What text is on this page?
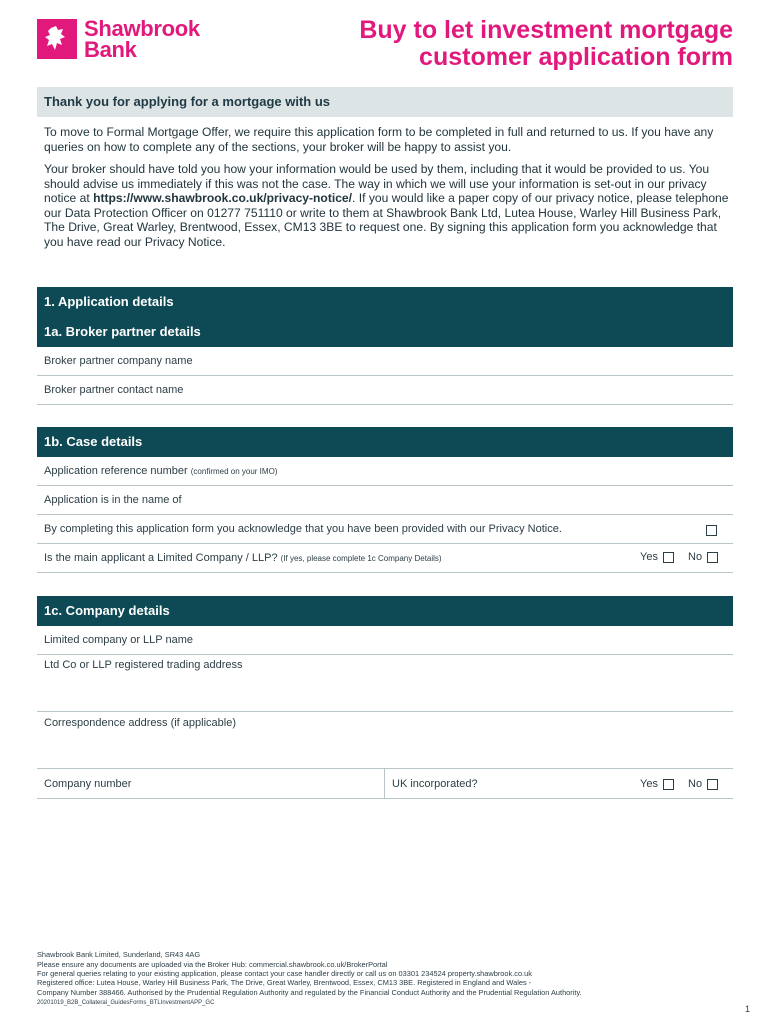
Shawbrook
Bank
Buy to let investment mortgage
customer application form
Thank you for applying for a mortgage with us
To move to Formal Mortgage Offer, we require this application form to be completed in full and returned to us. If you have any queries on how to complete any of the sections, your broker will be happy to assist you.
Your broker should have told you how your information would be used by them, including that it would be provided to us. You should advise us immediately if this was not the case. The way in which we will use your information is set-out in our privacy notice at https://www.shawbrook.co.uk/privacy-notice/. If you would like a paper copy of our privacy notice, please telephone our Data Protection Officer on 01277 751110 or write to them at Shawbrook Bank Ltd, Lutea House, Warley Hill Business Park, The Drive, Great Warley, Brentwood, Essex, CM13 3BE to request one. By signing this application form you acknowledge that you have read our Privacy Notice.
1. Application details
1a. Broker partner details
Broker partner company name
Broker partner contact name
1b. Case details
Application reference number (confirmed on your IMO)
Application is in the name of
By completing this application form you acknowledge that you have been provided with our Privacy Notice.
Is the main applicant a Limited Company / LLP? (If yes, please complete 1c Company Details)	Yes	No
1c. Company details
Limited company or LLP name
Ltd Co or LLP registered trading address
Correspondence address (if applicable)
Company number	UK incorporated?	Yes	No
Shawbrook Bank Limited, Sunderland, SR43 4AG
Please ensure any documents are uploaded via the Broker Hub: commercial.shawbrook.co.uk/BrokerPortal
For general queries relating to your existing application, please contact your case handler directly or call us on 03301 234524 property.shawbrook.co.uk
Registered office: Lutea House, Warley Hill Business Park, The Drive, Great Warley, Brentwood, Essex, CM13 3BE. Registered in England and Wales -
Company Number 388466. Authorised by the Prudential Regulation Authority and regulated by the Financial Conduct Authority and the Prudential Regulation Authority.
20201019_B2B_Collateral_GuidesForms_BTLInvestmentAPP_GC
1
